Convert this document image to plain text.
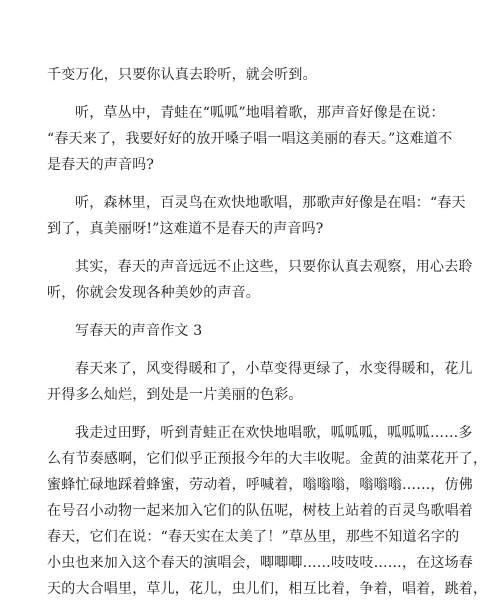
千变万化，只要你认真去聆听，就会听到。

听，草丛中，青蛙在“呱呱”地唱着歌，那声音好像是在说：
“春天来了，我要好好的放开嗓子唱一唱这美丽的春天。”这难道不
是春天的声音吗?

听，森林里，百灵鸟在欢快地歌唱，那歌声好像是在唱：“春天
到了，真美丽呀!”这难道不是春天的声音吗?

其实，春天的声音远远不止这些，只要你认真去观察，用心去聆
听，你就会发现各种美妙的声音。

写春天的声音作文 3

春天来了，风变得暖和了，小草变得更绿了，水变得暖和，花儿
开得多么灿烂，到处是一片美丽的色彩。

我走过田野，听到青蛙正在欢快地唱歌，呱呱呱，呱呱呱……多
么有节奏感啊，它们似乎正预报今年的大丰收呢。金黄的油菜花开了，
蜜蜂忙碌地踩着蜂蜜，劳动着，呼喊着，嗡嗡嗡，嗡嗡嗡……，仿佛
在号召小动物一起来加入它们的队伍呢，树枝上站着的百灵鸟歌唱着
春天，它们在说：“春天实在太美了！”草丛里，那些不知道名字的
小虫也来加入这个春天的演唱会，唧唧唧……吱吱吱……，在这场春
天的大合唱里，草儿，花儿，虫儿们，相互比着，争着，唱着，跳着，
